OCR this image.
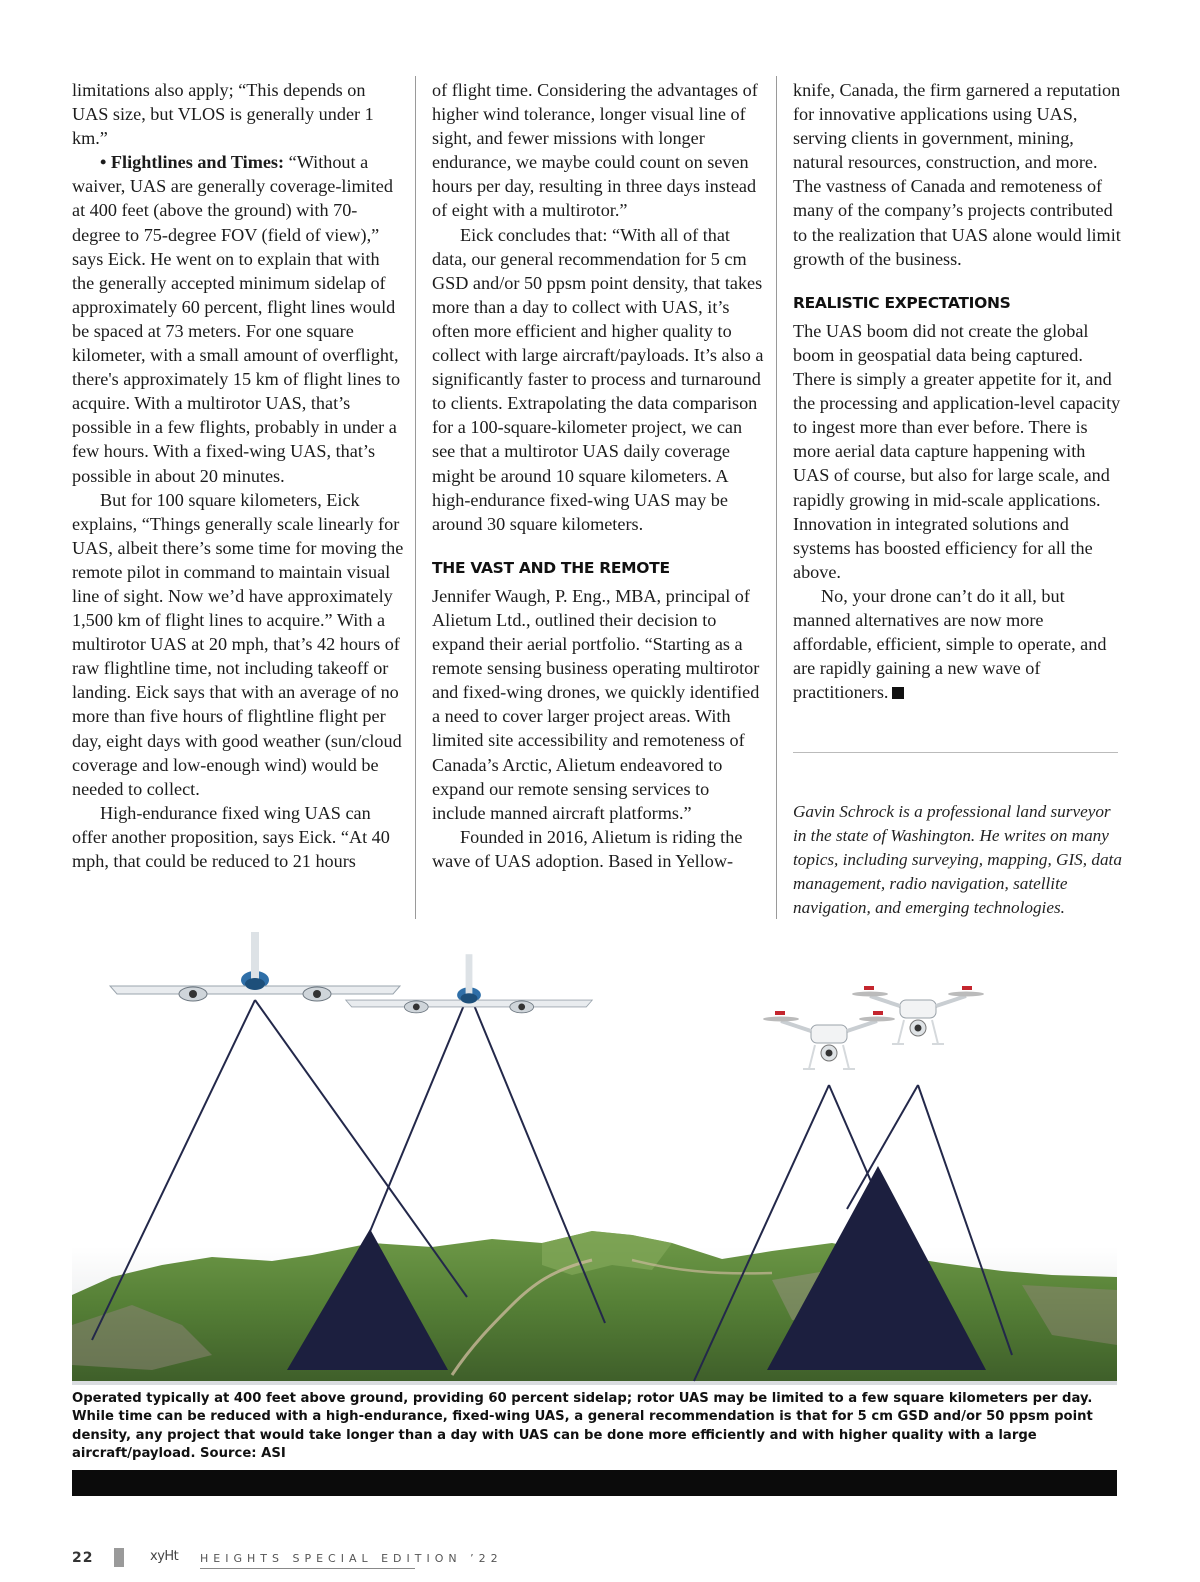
limitations also apply; “This depends on UAS size, but VLOS is generally under 1 km.”

• Flightlines and Times: “Without a waiver, UAS are generally coverage-limited at 400 feet (above the ground) with 70-degree to 75-degree FOV (field of view),” says Eick. He went on to explain that with the generally accepted minimum sidelap of approximately 60 percent, flight lines would be spaced at 73 meters. For one square kilometer, with a small amount of overflight, there's approximately 15 km of flight lines to acquire. With a multirotor UAS, that’s possible in a few flights, probably in under a few hours. With a fixed-wing UAS, that’s possible in about 20 minutes.

But for 100 square kilometers, Eick explains, “Things generally scale linearly for UAS, albeit there’s some time for moving the remote pilot in command to maintain visual line of sight. Now we’d have approximately 1,500 km of flight lines to acquire.” With a multirotor UAS at 20 mph, that’s 42 hours of raw flightline time, not including takeoff or landing. Eick says that with an average of no more than five hours of flightline flight per day, eight days with good weather (sun/cloud coverage and low-enough wind) would be needed to collect.

High-endurance fixed wing UAS can offer another proposition, says Eick. “At 40 mph, that could be reduced to 21 hours

of flight time. Considering the advantages of higher wind tolerance, longer visual line of sight, and fewer missions with longer endurance, we maybe could count on seven hours per day, resulting in three days instead of eight with a multirotor.”

Eick concludes that: “With all of that data, our general recommendation for 5 cm GSD and/or 50 ppsm point density, that takes more than a day to collect with UAS, it’s often more efficient and higher quality to collect with large aircraft/payloads. It’s also a significantly faster to process and turnaround to clients. Extrapolating the data comparison for a 100-square-kilometer project, we can see that a multirotor UAS daily coverage might be around 10 square kilometers. A high-endurance fixed-wing UAS may be around 30 square kilometers.

THE VAST AND THE REMOTE

Jennifer Waugh, P. Eng., MBA, principal of Alietum Ltd., outlined their decision to expand their aerial portfolio. “Starting as a remote sensing business operating multirotor and fixed-wing drones, we quickly identified a need to cover larger project areas. With limited site accessibility and remoteness of Canada’s Arctic, Alietum endeavored to expand our remote sensing services to include manned aircraft platforms.”

Founded in 2016, Alietum is riding the wave of UAS adoption. Based in Yellow-

knife, Canada, the firm garnered a reputation for innovative applications using UAS, serving clients in government, mining, natural resources, construction, and more. The vastness of Canada and remoteness of many of the company’s projects contributed to the realization that UAS alone would limit growth of the business.

REALISTIC EXPECTATIONS

The UAS boom did not create the global boom in geospatial data being captured. There is simply a greater appetite for it, and the processing and application-level capacity to ingest more than ever before. There is more aerial data capture happening with UAS of course, but also for large scale, and rapidly growing in mid-scale applications. Innovation in integrated solutions and systems has boosted efficiency for all the above.

No, your drone can’t do it all, but manned alternatives are now more affordable, efficient, simple to operate, and are rapidly gaining a new wave of practitioners.

Gavin Schrock is a professional land surveyor in the state of Washington. He writes on many topics, including surveying, mapping, GIS, data management, radio navigation, satellite navigation, and emerging technologies.
Operated typically at 400 feet above ground, providing 60 percent sidelap; rotor UAS may be limited to a few square kilometers per day. While time can be reduced with a high-endurance, fixed-wing UAS, a general recommendation is that for 5 cm GSD and/or 50 ppsm point density, any project that would take longer than a day with UAS can be done more efficiently and with higher quality with a large aircraft/payload. Source: ASI
22	xyHt HEIGHTS SPECIAL EDITION ’22
